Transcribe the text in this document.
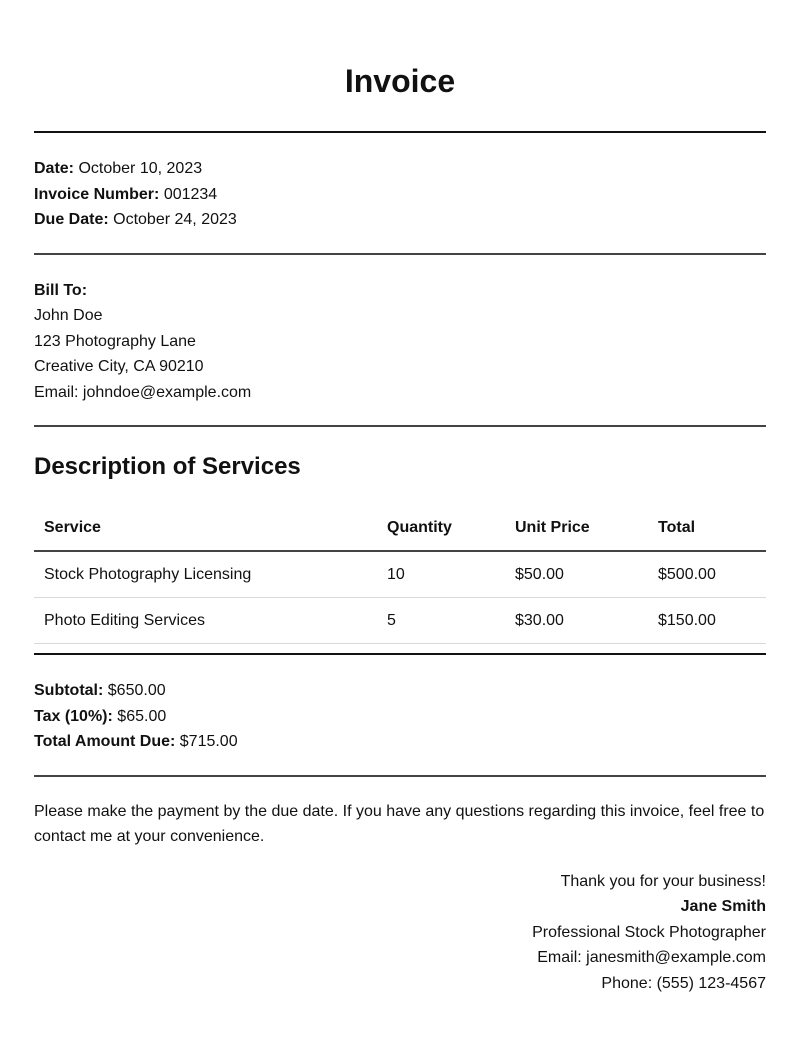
Invoice
Date: October 10, 2023
Invoice Number: 001234
Due Date: October 24, 2023
Bill To:
John Doe
123 Photography Lane
Creative City, CA 90210
Email: johndoe@example.com
Description of Services
Service	Quantity	Unit Price	Total
Stock Photography Licensing	10	$50.00	$500.00
Photo Editing Services	5	$30.00	$150.00
Subtotal: $650.00
Tax (10%): $65.00
Total Amount Due: $715.00
Please make the payment by the due date. If you have any questions regarding this invoice, feel free to contact me at your convenience.
Thank you for your business!
Jane Smith
Professional Stock Photographer
Email: janesmith@example.com
Phone: (555) 123-4567
